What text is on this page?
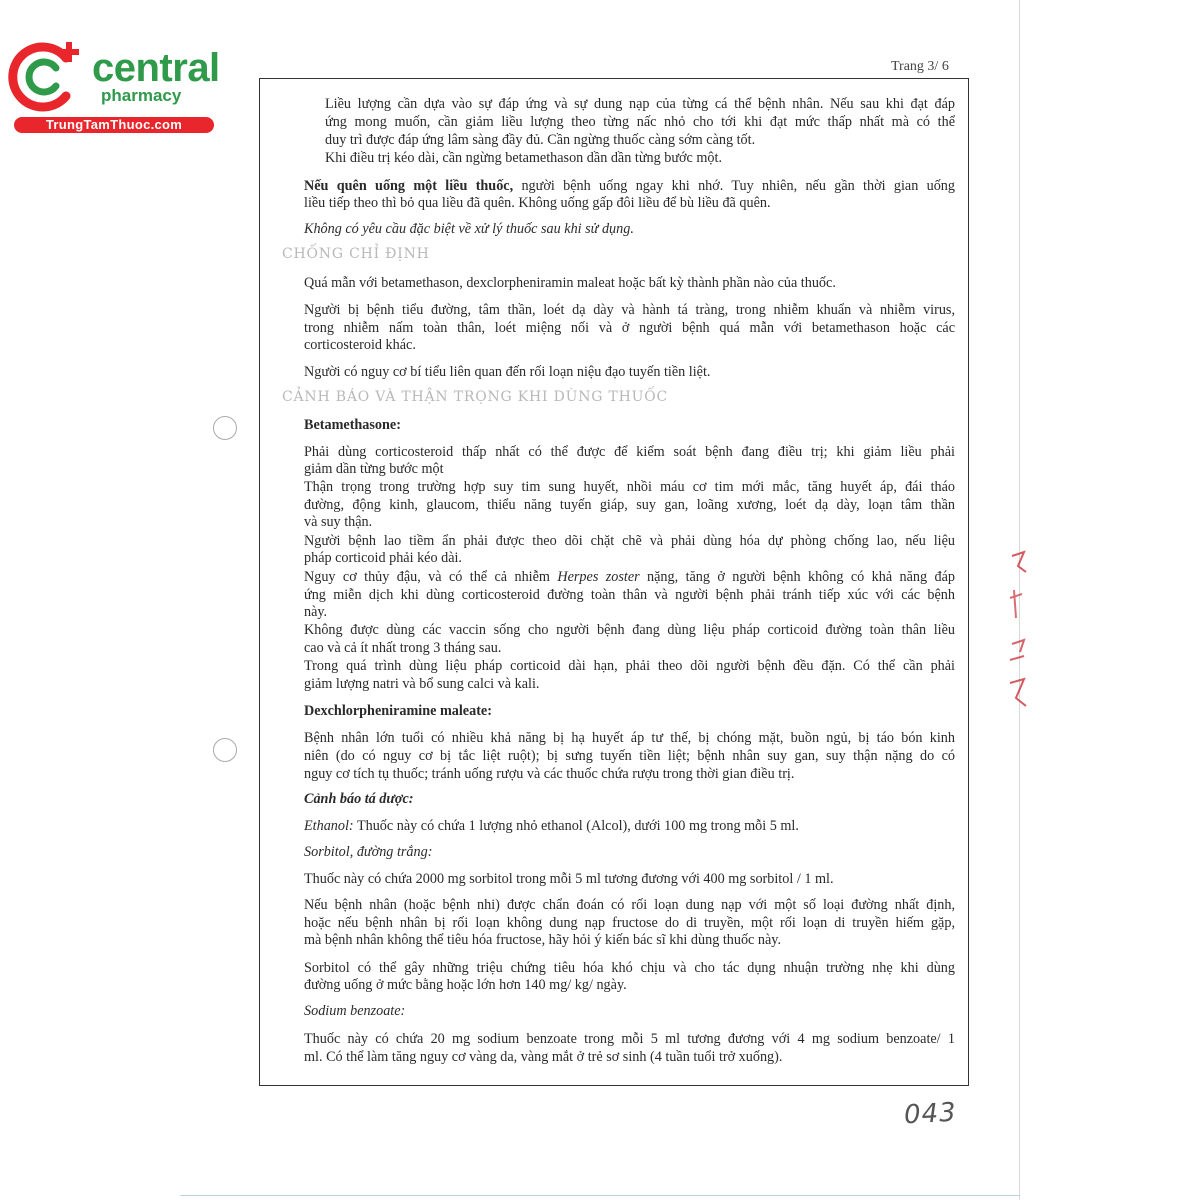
central
pharmacy
TrungTamThuoc.com
Trang 3/ 6
043
Liều lượng cần dựa vào sự đáp ứng và sự dung nạp của từng cá thể bệnh nhân. Nếu sau khi đạt đáp
ứng mong muốn, cần giảm liều lượng theo từng nấc nhỏ cho tới khi đạt mức thấp nhất mà có thể
duy trì được đáp ứng lâm sàng đầy đủ. Cần ngừng thuốc càng sớm càng tốt.
Khi điều trị kéo dài, cần ngừng betamethason dần dần từng bước một.
Nếu quên uống một liều thuốc, người bệnh uống ngay khi nhớ. Tuy nhiên, nếu gần thời gian uống
liều tiếp theo thì bỏ qua liều đã quên. Không uống gấp đôi liều để bù liều đã quên.
Không có yêu cầu đặc biệt về xử lý thuốc sau khi sử dụng.
CHỐNG CHỈ ĐỊNH
Quá mẫn với betamethason, dexclorpheniramin maleat hoặc bất kỳ thành phần nào của thuốc.
Người bị bệnh tiểu đường, tâm thần, loét dạ dày và hành tá tràng, trong nhiễm khuẩn và nhiễm virus,
trong nhiễm nấm toàn thân, loét miệng nối và ở người bệnh quá mẫn với betamethason hoặc các
corticosteroid khác.
Người có nguy cơ bí tiểu liên quan đến rối loạn niệu đạo tuyến tiền liệt.
CẢNH BÁO VÀ THẬN TRỌNG KHI DÙNG THUỐC
Betamethasone:
Phải dùng corticosteroid thấp nhất có thể được để kiểm soát bệnh đang điều trị; khi giảm liều phải
giảm dần từng bước một
Thận trọng trong trường hợp suy tim sung huyết, nhồi máu cơ tim mới mắc, tăng huyết áp, đái tháo
đường, động kinh, glaucom, thiểu năng tuyến giáp, suy gan, loãng xương, loét dạ dày, loạn tâm thần
và suy thận.
Người bệnh lao tiềm ẩn phải được theo dõi chặt chẽ và phải dùng hóa dự phòng chống lao, nếu liệu
pháp corticoid phải kéo dài.
Nguy cơ thủy đậu, và có thể cả nhiễm Herpes zoster nặng, tăng ở người bệnh không có khả năng đáp
ứng miễn dịch khi dùng corticosteroid đường toàn thân và người bệnh phải tránh tiếp xúc với các bệnh
này.
Không được dùng các vaccin sống cho người bệnh đang dùng liệu pháp corticoid đường toàn thân liều
cao và cả ít nhất trong 3 tháng sau.
Trong quá trình dùng liệu pháp corticoid dài hạn, phải theo dõi người bệnh đều đặn. Có thể cần phải
giảm lượng natri và bổ sung calci và kali.
Dexchlorpheniramine maleate:
Bệnh nhân lớn tuổi có nhiều khả năng bị hạ huyết áp tư thế, bị chóng mặt, buồn ngủ, bị táo bón kinh
niên (do có nguy cơ bị tắc liệt ruột); bị sưng tuyến tiền liệt; bệnh nhân suy gan, suy thận nặng do có
nguy cơ tích tụ thuốc; tránh uống rượu và các thuốc chứa rượu trong thời gian điều trị.
Cảnh báo tá dược:
Ethanol: Thuốc này có chứa 1 lượng nhỏ ethanol (Alcol), dưới 100 mg trong mỗi 5 ml.
Sorbitol, đường trắng:
Thuốc này có chứa 2000 mg sorbitol trong mỗi 5 ml tương đương với 400 mg sorbitol / 1 ml.
Nếu bệnh nhân (hoặc bệnh nhi) được chẩn đoán có rối loạn dung nạp với một số loại đường nhất định,
hoặc nếu bệnh nhân bị rối loạn không dung nạp fructose do di truyền, một rối loạn di truyền hiếm gặp,
mà bệnh nhân không thể tiêu hóa fructose, hãy hỏi ý kiến bác sĩ khi dùng thuốc này.
Sorbitol có thể gây những triệu chứng tiêu hóa khó chịu và cho tác dụng nhuận trường nhẹ khi dùng
đường uống ở mức bằng hoặc lớn hơn 140 mg/ kg/ ngày.
Sodium benzoate:
Thuốc này có chứa 20 mg sodium benzoate trong mỗi 5 ml tương đương với 4 mg sodium benzoate/ 1
ml. Có thể làm tăng nguy cơ vàng da, vàng mắt ở trẻ sơ sinh (4 tuần tuổi trở xuống).
